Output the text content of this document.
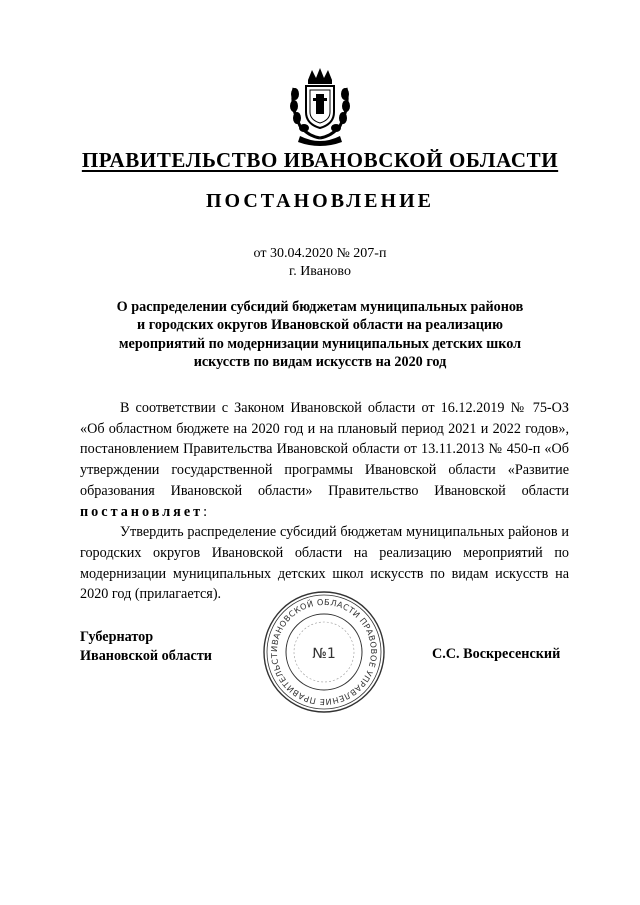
ПРАВИТЕЛЬСТВО ИВАНОВСКОЙ ОБЛАСТИ
ПОСТАНОВЛЕНИЕ
от 30.04.2020 № 207-п
г. Иваново
О распределении субсидий бюджетам муниципальных районов
и городских округов Ивановской области на реализацию
мероприятий по модернизации муниципальных детских школ
искусств по видам искусств на 2020 год

В соответствии с Законом Ивановской области от 16.12.2019 № 75-ОЗ «Об областном бюджете на 2020 год и на плановый период 2021 и 2022 годов», постановлением Правительства Ивановской области от 13.11.2013 № 450-п «Об утверждении государственной программы Ивановской области «Развитие образования Ивановской области» Правительство Ивановской области постановляет:

Утвердить распределение субсидий бюджетам муниципальных районов и городских округов Ивановской области на реализацию мероприятий по модернизации муниципальных детских школ искусств по видам искусств на 2020 год (прилагается).

Губернатор
Ивановской области	ИВАНОВСКОЙ ОБЛАСТИ ПРАВОВОЕ УПРАВЛЕНИЕ ПРАВИТЕЛЬСТ	№1	С.С. Воскресенский
